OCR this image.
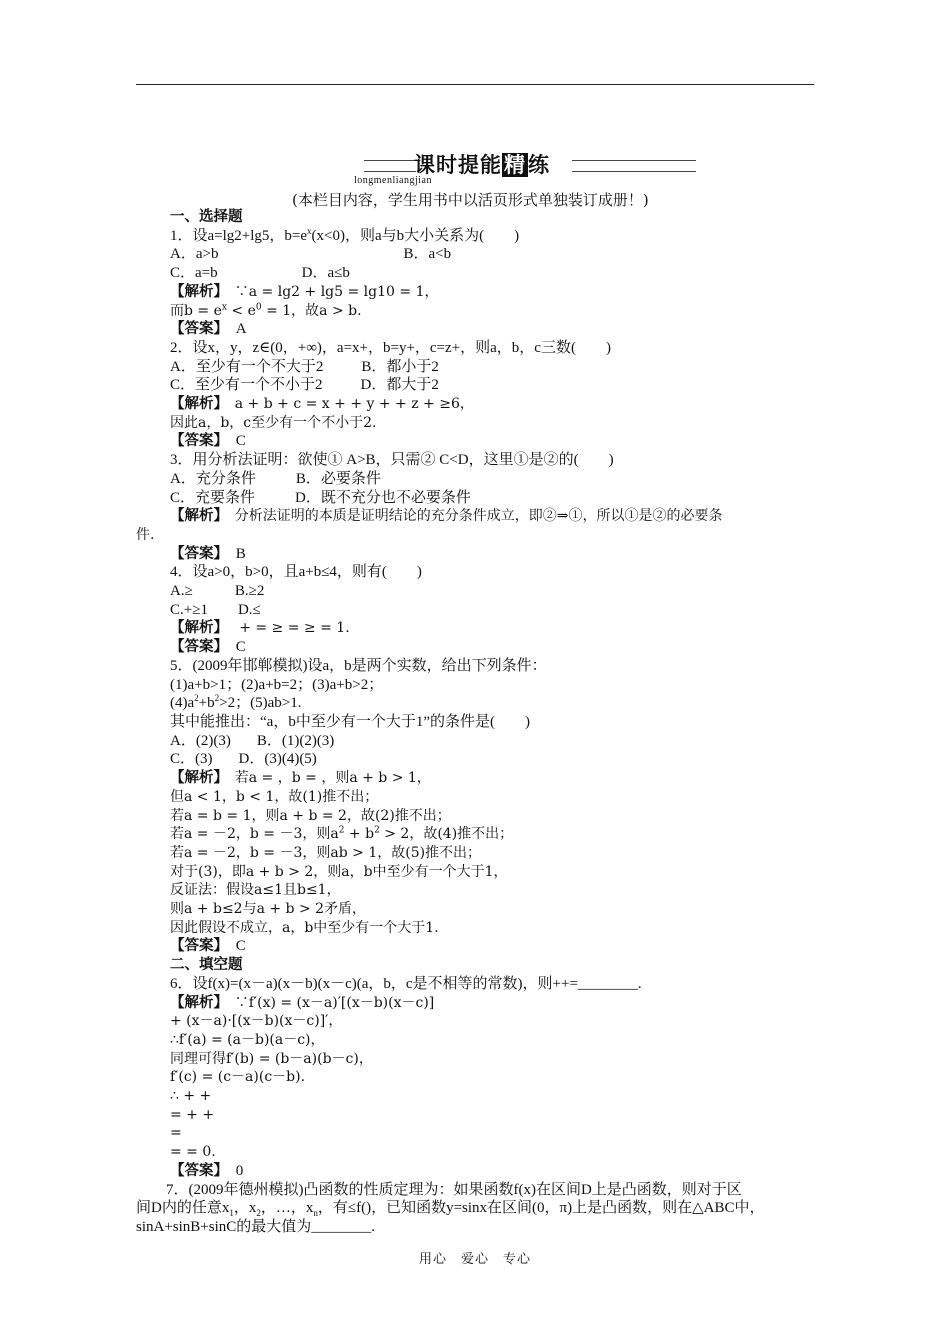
课时提能精练
longmenliangjian
(本栏目内容，学生用书中以活页形式单独装订成册！)
一、选择题
1．设a=lg2+lg5，$b=e^x(x<0)$，则a与b大小关系为(　　)
A．a>b	B．a<b
C．a=b	D．a≤b
【解析】　 ∵a = lg2 + lg5 = lg10 = 1，
而$b = e^x < e^0 = 1$，故a > b.
【答案】　 A
2．设x，y，z∈(0，+∞)，a=x+，b=y+，c=z+，则a，b，c三数(　　)
A．至少有一个不大于2	B．都小于2
C．至少有一个不小于2	D．都大于2
【解析】　 a + b + c = x + + y + + z + ≥6，
因此a，b，c至少有一个不小于2.
【答案】　 C
3．用分析法证明：欲使① A>B，只需② C<D，这里①是②的(　　)
A．充分条件	B．必要条件
C．充要条件	D．既不充分也不必要条件
【解析】　 分析法证明的本质是证明结论的充分条件成立，即②⇒①，所以①是②的必要条
件.
【答案】　 B
4．设a>0，b>0，且a+b≤4，则有(　　)
A.≥	B.≥2
C.+≥1 D.≤
【解析】　 + = ≥ = ≥ = 1.
【答案】　 C
5．(2009年邯郸模拟)设a，b是两个实数，给出下列条件：
(1)a+b>1；(2)a+b=2；(3)a+b>2；
$(4)a^2+b^2>2$；(5)ab>1.
其中能推出：“a，b中至少有一个大于1”的条件是(　　)
A．(2)(3) B．(1)(2)(3)
C．(3) D．(3)(4)(5)
【解析】　 若a = ，b = ，则a + b > 1，
但a < 1，b < 1，故(1)推不出；
若a = b = 1，则a + b = 2，故(2)推不出；
若a = －2，b = －3，则$a^2 + b^2 > 2$，故(4)推不出；
若a = －2，b = －3，则ab > 1，故(5)推不出；
对于(3)，即a + b > 2，则a，b中至少有一个大于1，
反证法：假设a≤1且b≤1，
则a + b≤2与a + b > 2矛盾，
因此假设不成立，a，b中至少有一个大于1.
【答案】　 C
二、填空题
6．设f(x)=(x－a)(x－b)(x－c)(a，b，c是不相等的常数)，则++=________.
【解析】　 ∵f′(x) = (x－a)′[(x－b)(x－c)]
+ (x－a)·[(x－b)(x－c)]′，
∴f′(a) = (a－b)(a－c)，
同理可得f′(b) = (b－a)(b－c)，
f′(c) = (c－a)(c－b).
∴ + +
= + +
=
= = 0.
【答案】　 0
7．(2009年德州模拟)凸函数的性质定理为：如果函数f(x)在区间D上是凸函数，则对于区
间D内的任意$x_1$，$x_2$，…，$x_n$，有≤f()，已知函数y=sinx在区间(0，π)上是凸函数，则在△ABC中，
sinA+sinB+sinC的最大值为________.
用心　爱心　专心
